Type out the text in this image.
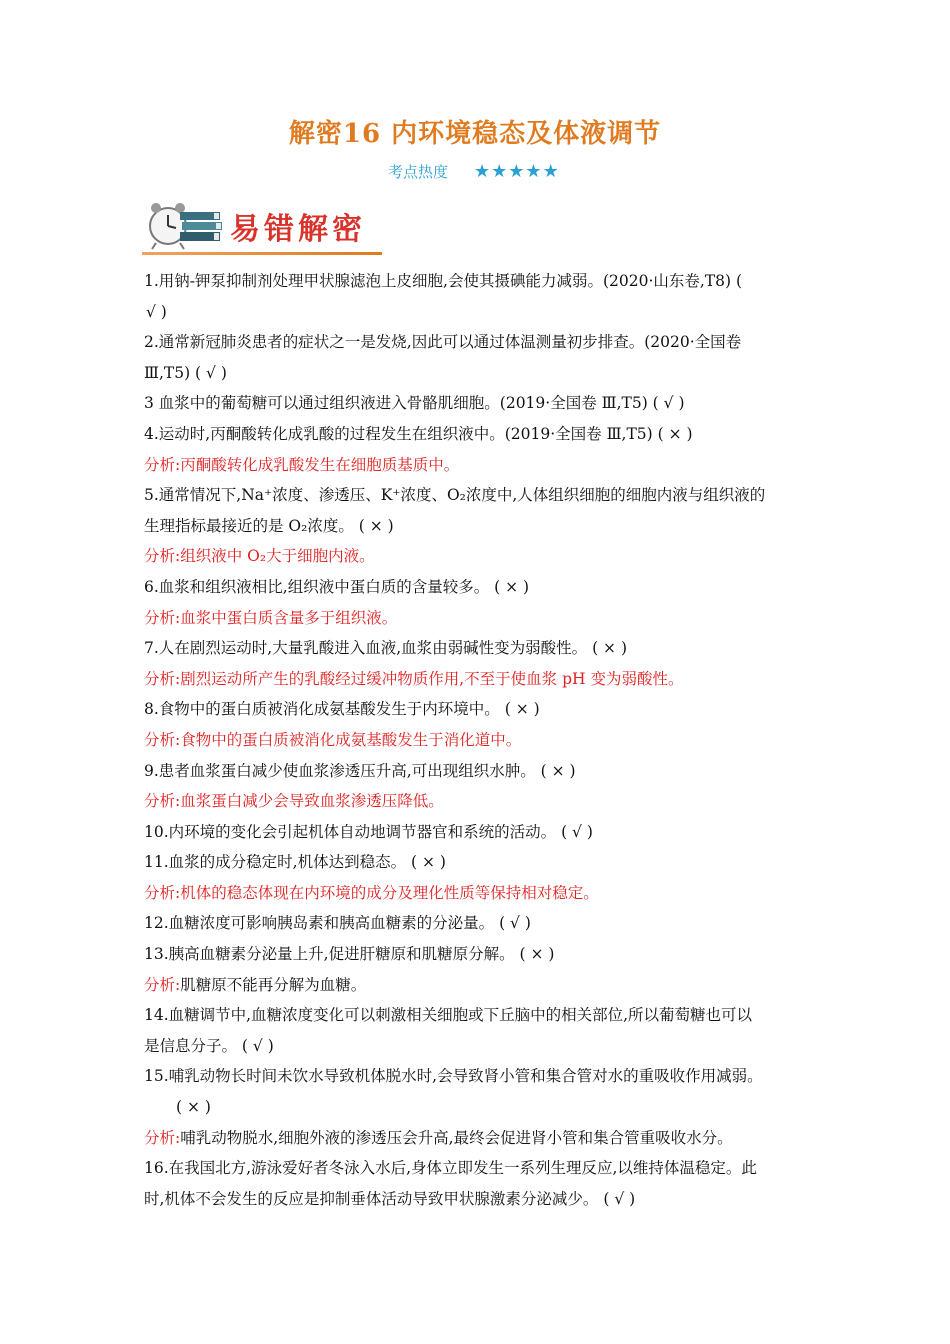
解密16 内环境稳态及体液调节
考点热度 ★★★★★
易错解密

1.用钠-钾泵抑制剂处理甲状腺滤泡上皮细胞,会使其摄碘能力减弱。(2020·山东卷,T8) (

√ )

2.通常新冠肺炎患者的症状之一是发烧,因此可以通过体温测量初步排查。(2020·全国卷

Ⅲ,T5) ( √ )

3 血浆中的葡萄糖可以通过组织液进入骨骼肌细胞。(2019·全国卷 Ⅲ,T5) ( √ )

4.运动时,丙酮酸转化成乳酸的过程发生在组织液中。(2019·全国卷 Ⅲ,T5) ( × )

分析:丙酮酸转化成乳酸发生在细胞质基质中。

5.通常情况下,Na⁺浓度、渗透压、K⁺浓度、O₂浓度中,人体组织细胞的细胞内液与组织液的

生理指标最接近的是 O₂浓度。 ( × )

分析:组织液中 O₂大于细胞内液。

6.血浆和组织液相比,组织液中蛋白质的含量较多。 ( × )

分析:血浆中蛋白质含量多于组织液。

7.人在剧烈运动时,大量乳酸进入血液,血浆由弱碱性变为弱酸性。 ( × )

分析:剧烈运动所产生的乳酸经过缓冲物质作用,不至于使血浆 pH 变为弱酸性。

8.食物中的蛋白质被消化成氨基酸发生于内环境中。 ( × )

分析:食物中的蛋白质被消化成氨基酸发生于消化道中。

9.患者血浆蛋白减少使血浆渗透压升高,可出现组织水肿。 ( × )

分析:血浆蛋白减少会导致血浆渗透压降低。

10.内环境的变化会引起机体自动地调节器官和系统的活动。 ( √ )

11.血浆的成分稳定时,机体达到稳态。 ( × )

分析:机体的稳态体现在内环境的成分及理化性质等保持相对稳定。

12.血糖浓度可影响胰岛素和胰高血糖素的分泌量。 ( √ )

13.胰高血糖素分泌量上升,促进肝糖原和肌糖原分解。 ( × )

分析:肌糖原不能再分解为血糖。

14.血糖调节中,血糖浓度变化可以刺激相关细胞或下丘脑中的相关部位,所以葡萄糖也可以

是信息分子。 ( √ )

15.哺乳动物长时间未饮水导致机体脱水时,会导致肾小管和集合管对水的重吸收作用减弱。

( × )

分析:哺乳动物脱水,细胞外液的渗透压会升高,最终会促进肾小管和集合管重吸收水分。

16.在我国北方,游泳爱好者冬泳入水后,身体立即发生一系列生理反应,以维持体温稳定。此

时,机体不会发生的反应是抑制垂体活动导致甲状腺激素分泌减少。 ( √ )
